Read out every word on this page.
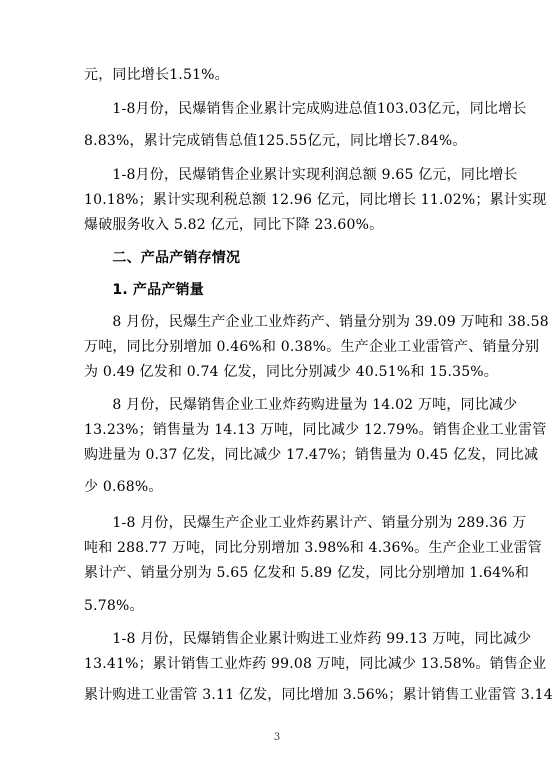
元，同比增长1.51%。
　　1-8月份，民爆销售企业累计完成购进总值103.03亿元，同比增长
8.83%，累计完成销售总值125.55亿元，同比增长7.84%。
　　1-8月份，民爆销售企业累计实现利润总额 9.65 亿元，同比增长
10.18%；累计实现利税总额 12.96 亿元，同比增长 11.02%；累计实现
爆破服务收入 5.82 亿元，同比下降 23.60%。
　　二、产品产销存情况
　　1. 产品产销量
　　8 月份，民爆生产企业工业炸药产、销量分别为 39.09 万吨和 38.58
万吨，同比分别增加 0.46%和 0.38%。生产企业工业雷管产、销量分别
为 0.49 亿发和 0.74 亿发，同比分别减少 40.51%和 15.35%。
　　8 月份，民爆销售企业工业炸药购进量为 14.02 万吨，同比减少
13.23%；销售量为 14.13 万吨，同比减少 12.79%。销售企业工业雷管
购进量为 0.37 亿发，同比减少 17.47%；销售量为 0.45 亿发，同比减
少 0.68%。
　　1-8 月份，民爆生产企业工业炸药累计产、销量分别为 289.36 万
吨和 288.77 万吨，同比分别增加 3.98%和 4.36%。生产企业工业雷管
累计产、销量分别为 5.65 亿发和 5.89 亿发，同比分别增加 1.64%和
5.78%。
　　1-8 月份，民爆销售企业累计购进工业炸药 99.13 万吨，同比减少
13.41%；累计销售工业炸药 99.08 万吨，同比减少 13.58%。销售企业
累计购进工业雷管 3.11 亿发，同比增加 3.56%；累计销售工业雷管 3.14
3
